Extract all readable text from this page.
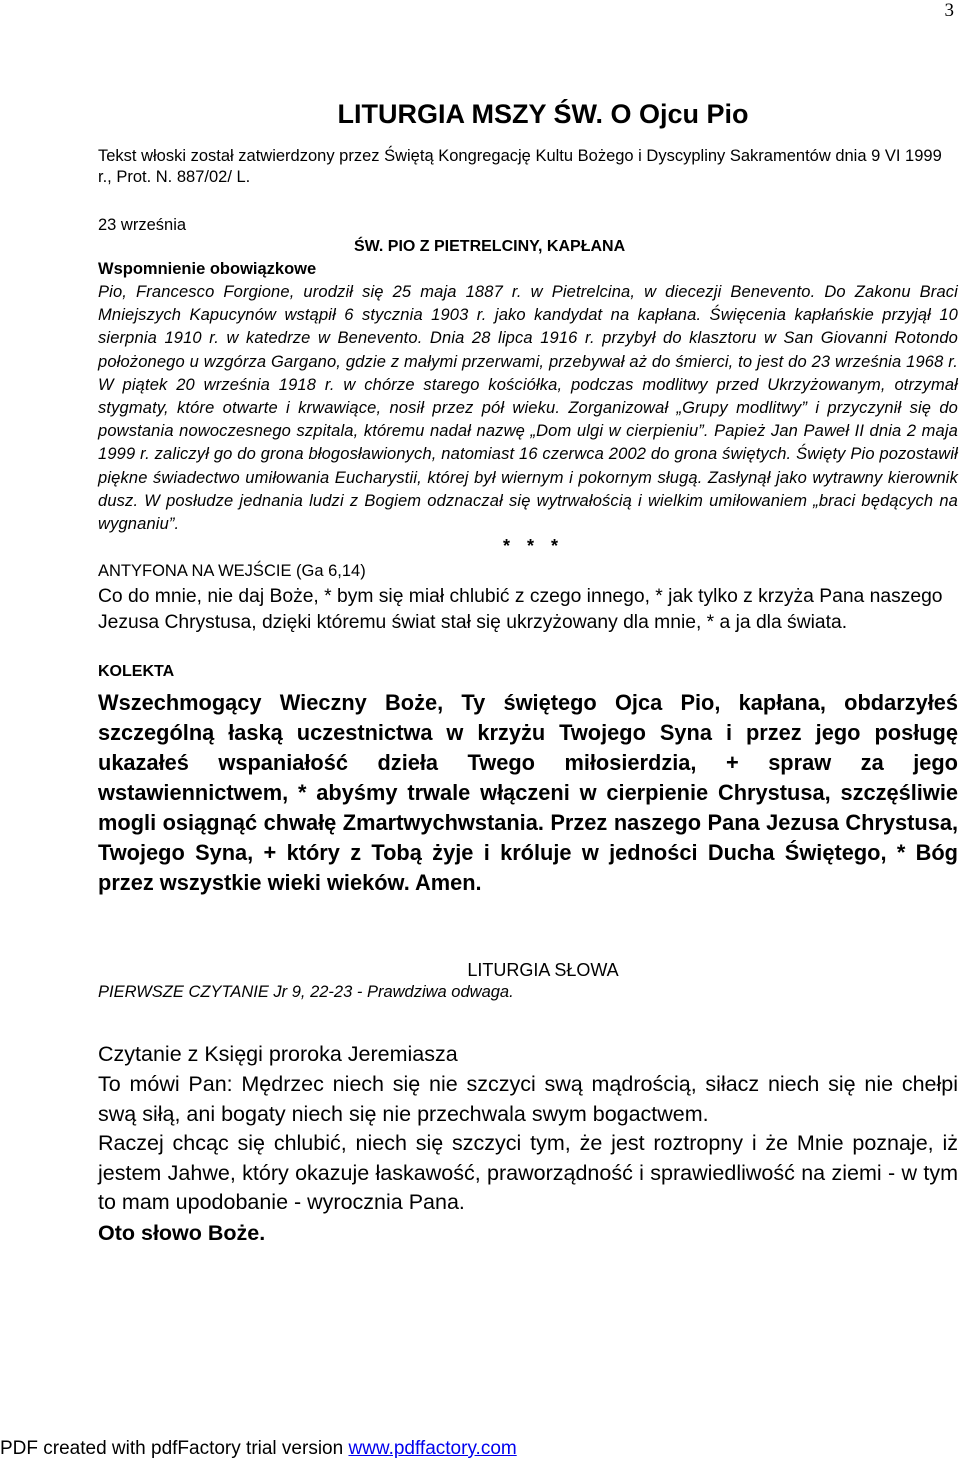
3
LITURGIA MSZY ŚW. O Ojcu Pio

Tekst włoski został zatwierdzony przez Świętą Kongregację Kultu Bożego i Dyscypliny Sakramentów dnia 9 VI 1999 r., Prot. N. 887/02/ L.

23 września

ŚW. PIO Z PIETRELCINY, KAPŁANA

Wspomnienie obowiązkowe

Pio, Francesco Forgione, urodził się 25 maja 1887 r. w Pietrelcina, w diecezji Benevento. Do Zakonu Braci Mniejszych Kapucynów wstąpił 6 stycznia 1903 r. jako kandydat na kapłana. Święcenia kapłańskie przyjął 10 sierpnia 1910 r. w katedrze w Benevento. Dnia 28 lipca 1916 r. przybył do klasztoru w San Giovanni Rotondo położonego u wzgórza Gargano, gdzie z małymi przerwami, przebywał aż do śmierci, to jest do 23 września 1968 r. W piątek 20 września 1918 r. w chórze starego kościółka, podczas modlitwy przed Ukrzyżowanym, otrzymał stygmaty, które otwarte i krwawiące, nosił przez pół wieku. Zorganizował „Grupy modlitwy” i przyczynił się do powstania nowoczesnego szpitala, któremu nadał nazwę „Dom ulgi w cierpieniu”. Papież Jan Paweł II dnia 2 maja 1999 r. zaliczył go do grona błogosławionych, natomiast 16 czerwca 2002 do grona świętych. Święty Pio pozostawił piękne świadectwo umiłowania Eucharystii, której był wiernym i pokornym sługą. Zasłynął jako wytrawny kierownik dusz. W posłudze jednania ludzi z Bogiem odznaczał się wytrwałością i wielkim umiłowaniem „braci będących na wygnaniu”.

* * *

ANTYFONA NA WEJŚCIE (Ga 6,14)

Co do mnie, nie daj Boże, * bym się miał chlubić z czego innego, * jak tylko z krzyża Pana naszego Jezusa Chrystusa, dzięki któremu świat stał się ukrzyżowany dla mnie, * a ja dla świata.

KOLEKTA

Wszechmogący Wieczny Boże, Ty świętego Ojca Pio, kapłana, obdarzyłeś szczególną łaską uczestnictwa w krzyżu Twojego Syna i przez jego posługę ukazałeś wspaniałość dzieła Twego miłosierdzia, + spraw za jego wstawiennictwem, * abyśmy trwale włączeni w cierpienie Chrystusa, szczęśliwie mogli osiągnąć chwałę Zmartwychwstania. Przez naszego Pana Jezusa Chrystusa, Twojego Syna, + który z Tobą żyje i króluje w jedności Ducha Świętego, * Bóg przez wszystkie wieki wieków. Amen.

LITURGIA SŁOWA

PIERWSZE CZYTANIE Jr 9, 22-23 - Prawdziwa odwaga.

Czytanie z Księgi proroka Jeremiasza

To mówi Pan: Mędrzec niech się nie szczyci swą mądrością, siłacz niech się nie chełpi swą siłą, ani bogaty niech się nie przechwala swym bogactwem.

Raczej chcąc się chlubić, niech się szczyci tym, że jest roztropny i że Mnie poznaje, iż jestem Jahwe, który okazuje łaskawość, praworządność i sprawiedliwość na ziemi - w tym to mam upodobanie - wyrocznia Pana.

Oto słowo Boże.

PDF created with pdfFactory trial version www.pdffactory.com
